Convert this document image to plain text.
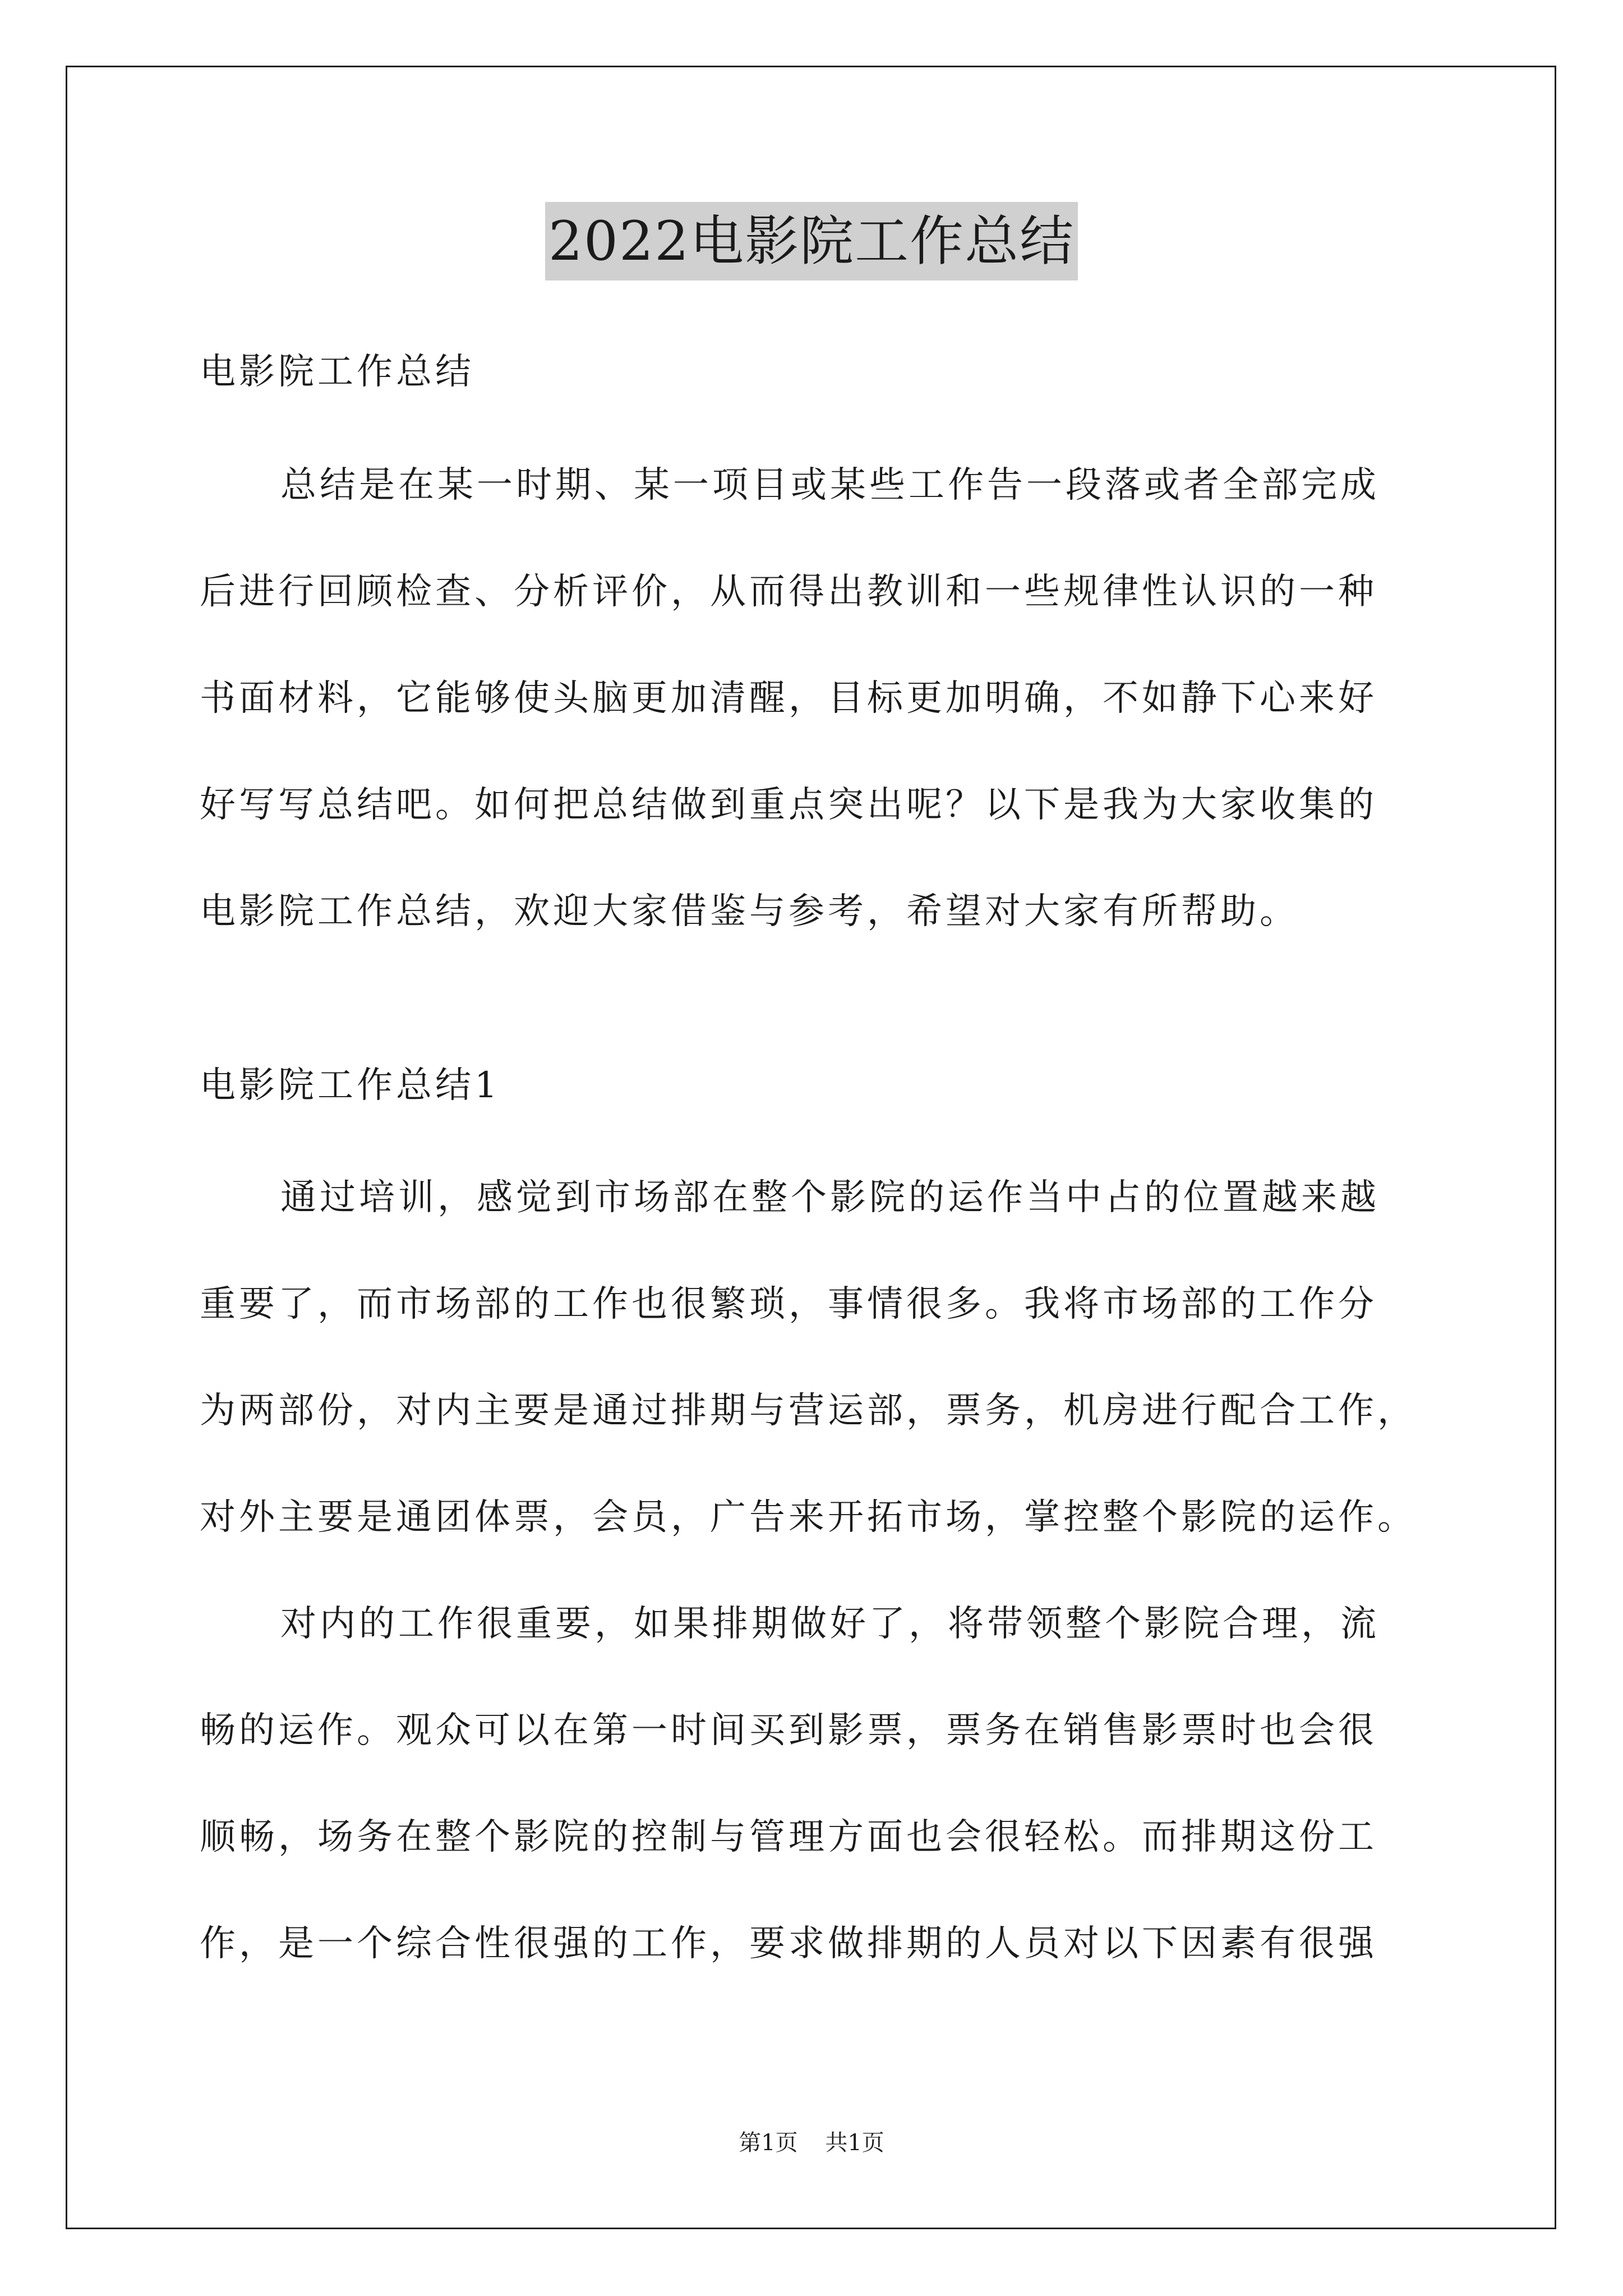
2022电影院工作总结
电影院工作总结
总结是在某一时期、某一项目或某些工作告一段落或者全部完成
后进行回顾检查、分析评价，从而得出教训和一些规律性认识的一种
书面材料，它能够使头脑更加清醒，目标更加明确，不如静下心来好
好写写总结吧。如何把总结做到重点突出呢？以下是我为大家收集的
电影院工作总结，欢迎大家借鉴与参考，希望对大家有所帮助。
电影院工作总结1
通过培训，感觉到市场部在整个影院的运作当中占的位置越来越
重要了，而市场部的工作也很繁琐，事情很多。我将市场部的工作分
为两部份，对内主要是通过排期与营运部，票务，机房进行配合工作，
对外主要是通团体票，会员，广告来开拓市场，掌控整个影院的运作。
对内的工作很重要，如果排期做好了，将带领整个影院合理，流
畅的运作。观众可以在第一时间买到影票，票务在销售影票时也会很
顺畅，场务在整个影院的控制与管理方面也会很轻松。而排期这份工
作，是一个综合性很强的工作，要求做排期的人员对以下因素有很强
第1页 共1页
